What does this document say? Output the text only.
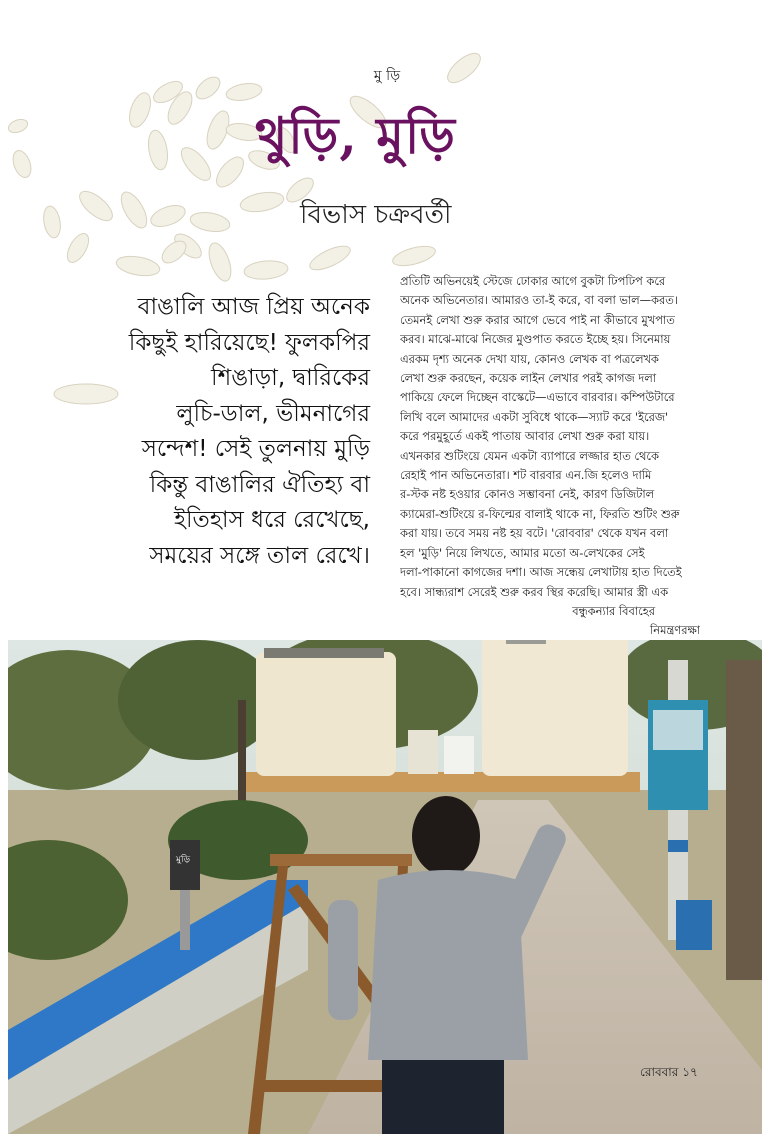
মু ড়ি
থুড়ি, মুড়ি
বিভাস চক্রবর্তী
বাঙালি আজ প্রিয় অনেক
কিছুই হারিয়েছে! ফুলকপির
শিঙাড়া, দ্বারিকের
লুচি-ডাল, ভীমনাগের
সন্দেশ! সেই তুলনায় মুড়ি
কিন্তু বাঙালির ঐতিহ্য বা
ইতিহাস ধরে রেখেছে,
সময়ের সঙ্গে তাল রেখে।
প্রতিটি অভিনয়েই স্টেজে ঢোকার আগে বুকটা ঢিপঢিপ করে
অনেক অভিনেতার। আমারও তা-ই করে, বা বলা ভাল—করত।
তেমনই লেখা শুরু করার আগে ভেবে পাই না কীভাবে মুখপাত
করব। মাঝে-মাঝে নিজের মুণ্ডপাত করতে ইচ্ছে হয়। সিনেমায়
এরকম দৃশ্য অনেক দেখা যায়, কোনও লেখক বা পত্রলেখক
লেখা শুরু করছেন, কয়েক লাইন লেখার পরই কাগজ দলা
পাকিয়ে ফেলে দিচ্ছেন বাস্কেটে—এভাবে বারবার। কম্পিউটারে
লিখি বলে আমাদের একটা সুবিধে থাকে—স্যাট করে 'ইরেজ'
করে পরমুহূর্তে একই পাতায় আবার লেখা শুরু করা যায়।
এখনকার শুটিংয়ে যেমন একটা ব্যাপারে লজ্জার হাত থেকে
রেহাই পান অভিনেতারা। শট বারবার এন.জি হলেও দামি
র-স্টক নষ্ট হওয়ার কোনও সম্ভাবনা নেই, কারণ ডিজিটাল
ক্যামেরা-শুটিংয়ে র-ফিল্মের বালাই থাকে না, ফিরতি শুটিং শুরু
করা যায়। তবে সময় নষ্ট হয় বটে। 'রোববার' থেকে যখন বলা
হল 'মুড়ি' নিয়ে লিখতে, আমার মতো অ-লেখকের সেই
দলা-পাকানো কাগজের দশা। আজ সন্ধেয় লেখাটায় হাত দিতেই
হবে। সান্ধ্যরাশ সেরেই শুরু করব স্থির করেছি। আমার স্ত্রী এক
বন্ধুকন্যার বিবাহের
নিমন্ত্রণরক্ষা
মুড়ি
রোববার ১৭
